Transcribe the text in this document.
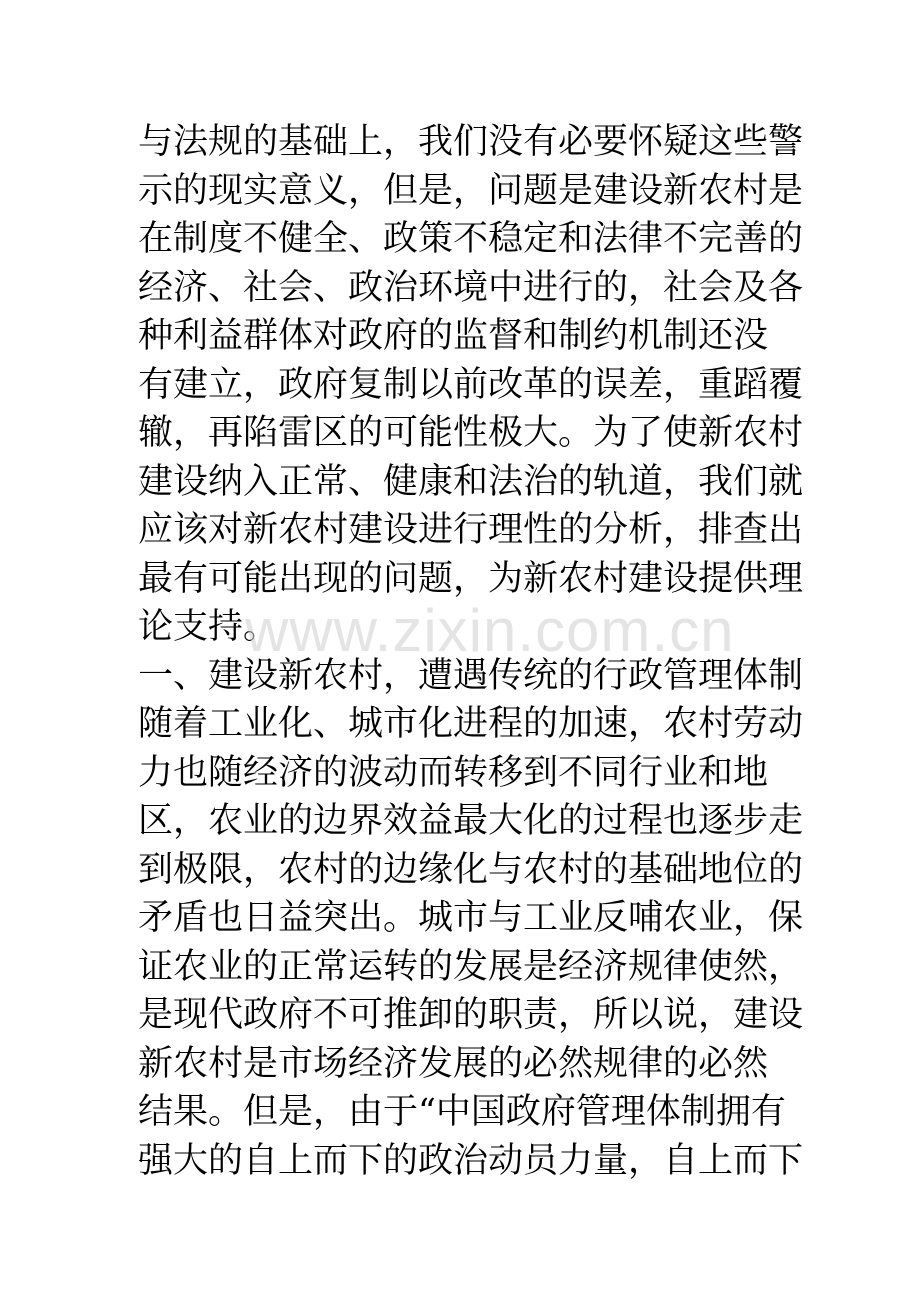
与法规的基础上，我们没有必要怀疑这些警
示的现实意义，但是，问题是建设新农村是
在制度不健全、政策不稳定和法律不完善的
经济、社会、政治环境中进行的，社会及各
种利益群体对政府的监督和制约机制还没
有建立，政府复制以前改革的误差，重蹈覆
辙，再陷雷区的可能性极大。为了使新农村
建设纳入正常、健康和法治的轨道，我们就
应该对新农村建设进行理性的分析，排查出
最有可能出现的问题，为新农村建设提供理
论支持。
一、建设新农村，遭遇传统的行政管理体制
随着工业化、城市化进程的加速，农村劳动
力也随经济的波动而转移到不同行业和地
区，农业的边界效益最大化的过程也逐步走
到极限，农村的边缘化与农村的基础地位的
矛盾也日益突出。城市与工业反哺农业，保
证农业的正常运转的发展是经济规律使然，
是现代政府不可推卸的职责，所以说，建设
新农村是市场经济发展的必然规律的必然
结果。但是，由于“中国政府管理体制拥有
强大的自上而下的政治动员力量，自上而下
www.zixin.com.cn
